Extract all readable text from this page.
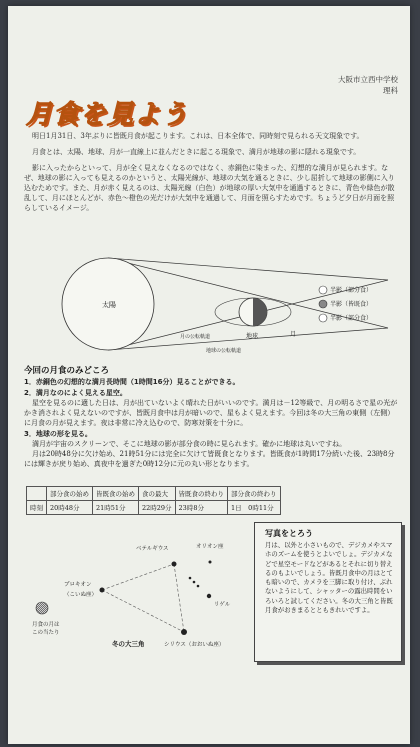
大阪市立西中学校
理科
月食を見よう

明日1月31日、3年ぶりに皆既月食が起こります。これは、日本全体で、同時刻で見られる天文現象です。

月食とは、太陽、地球、月が一直線上に並んだときに起こる現象で、満月が地球の影に隠れる現象です。

影に入ったからといって、月が全く見えなくなるのではなく、赤銅色に染まった、幻想的な満月が見られます。なぜ、地球の影に入っても見えるのかというと、太陽光線が、地球の大気を通るときに、少し屈折して地球の影側に入り込むためです。また、月が赤く見えるのは、太陽光線（白色）が地球の厚い大気中を通過するときに、青色や緑色が散乱して、月にほとんどが、赤色～橙色の光だけが大気中を通過して、月面を照らすためです。ちょうど夕日が月面を照らしているイメージ。

太陽
地球
半影（部分食）
半影（皆既食）
半影（部分食）
月
月の公転軌道
地球の公転軌道
今回の月食のみどころ
1．赤銅色の幻想的な満月長時間（1時間16分）見ることができる。
2．満月なのによく見える星空。

星空を見るのに適した日は、月が出ていないよく晴れた日がいいのです。満月は－12等級で、月の明るさで星の光がかき消されよく見えないのですが、皆既月食中は月が暗いので、星もよく見えます。今回は冬の大三角の東側（左側）に月食の月が見えます。夜は非常に冷え込むので、防寒対策を十分に。

3．地球の形を見る。

満月が宇宙のスクリーンで、そこに地球の影が部分食の時に見られます。確かに地球は丸いですね。

月は20時48分に欠け始め、21時51分には完全に欠けて皆既食となります。皆既食が1時間17分続いた後、23時8分には輝きが戻り始め、真夜中を過ぎた0時12分に元の丸い形となります。

	部分食の始め	皆既食の始め	食の最大	皆既食の終わり	部分食の終わり
時刻	20時48分	21時51分	22時29分	23時8分	1日　0時11分
月食の月は
この当たり
ベテルギウス	オリオン座
プロキオン
（こいぬ座）
リゲル
シリウス（おおいぬ座）
冬の大三角
写真をとろう
月は、以外と小さいもので、デジカメやスマホのズームを使うとよいでしょ。デジカメなどで星空モードなどがあるとそれに切り替えるのもよいでしょう。皆既月食中の月はとても暗いので、カメラを三脚に取り付け、ぶれないようにして、シャッターの露出時間をいろいろと試してください。冬の大三角と皆既月食がおきまるとともきれいですよ。
